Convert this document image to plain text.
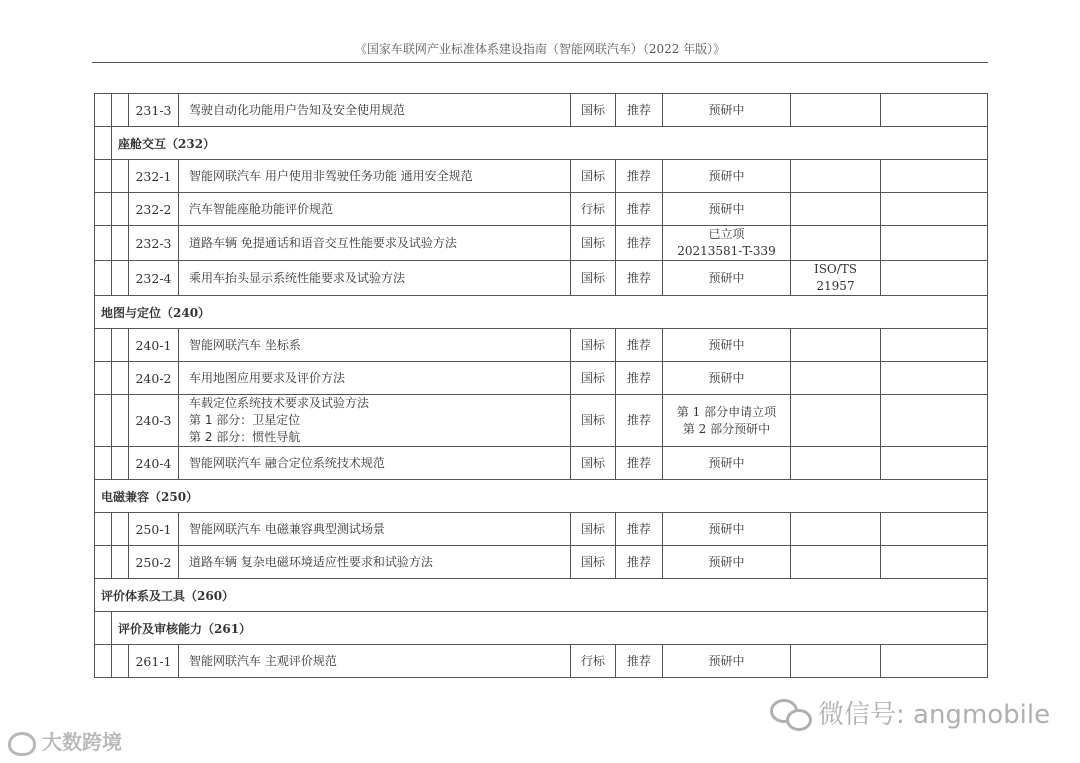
《国家车联网产业标准体系建设指南（智能网联汽车）（2022 年版）》
		231-3	驾驶自动化功能用户告知及安全使用规范	国标	推荐	预研中		
	座舱交互（232）							
		232-1	智能网联汽车 用户使用非驾驶任务功能 通用安全规范	国标	推荐	预研中		
		232-2	汽车智能座舱功能评价规范	行标	推荐	预研中		
		232-3	道路车辆 免提通话和语音交互性能要求及试验方法	国标	推荐	已立项
20213581-T-339		
		232-4	乘用车抬头显示系统性能要求及试验方法	国标	推荐	预研中	ISO/TS
21957	
地图与定位（240）								
		240-1	智能网联汽车 坐标系	国标	推荐	预研中		
		240-2	车用地图应用要求及评价方法	国标	推荐	预研中		
		240-3	车载定位系统技术要求及试验方法
第 1 部分：卫星定位
第 2 部分：惯性导航	国标	推荐	第 1 部分申请立项
第 2 部分预研中		
		240-4	智能网联汽车 融合定位系统技术规范	国标	推荐	预研中		
电磁兼容（250）								
		250-1	智能网联汽车 电磁兼容典型测试场景	国标	推荐	预研中		
		250-2	道路车辆 复杂电磁环境适应性要求和试验方法	国标	推荐	预研中		
评价体系及工具（260）								
	评价及审核能力（261）							
		261-1	智能网联汽车 主观评价规范	行标	推荐	预研中		
大数跨境
微信号: angmobile
